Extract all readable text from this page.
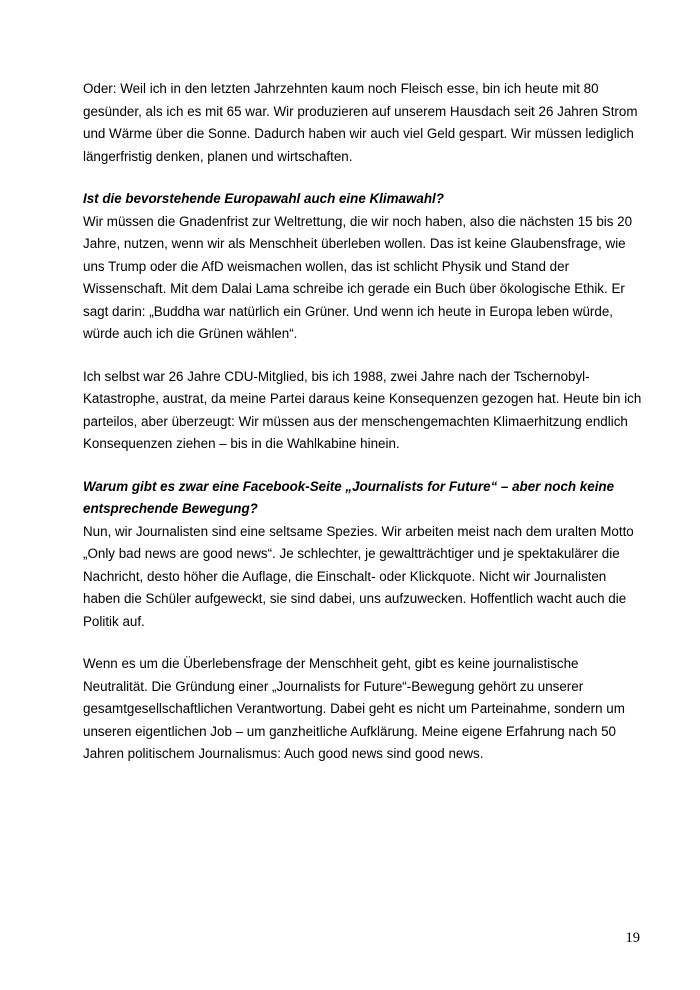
Oder: Weil ich in den letzten Jahrzehnten kaum noch Fleisch esse, bin ich heute mit 80 gesünder, als ich es mit 65 war. Wir produzieren auf unserem Hausdach seit 26 Jahren Strom und Wärme über die Sonne. Dadurch haben wir auch viel Geld gespart. Wir müssen lediglich längerfristig denken, planen und wirtschaften.

Ist die bevorstehende Europawahl auch eine Klimawahl?

Wir müssen die Gnadenfrist zur Weltrettung, die wir noch haben, also die nächsten 15 bis 20 Jahre, nutzen, wenn wir als Menschheit überleben wollen. Das ist keine Glaubensfrage, wie uns Trump oder die AfD weismachen wollen, das ist schlicht Physik und Stand der Wissenschaft. Mit dem Dalai Lama schreibe ich gerade ein Buch über ökologische Ethik. Er sagt darin: „Buddha war natürlich ein Grüner. Und wenn ich heute in Europa leben würde, würde auch ich die Grünen wählen“.

Ich selbst war 26 Jahre CDU-Mitglied, bis ich 1988, zwei Jahre nach der Tschernobyl-Katastrophe, austrat, da meine Partei daraus keine Konsequenzen gezogen hat. Heute bin ich parteilos, aber überzeugt: Wir müssen aus der menschengemachten Klimaerhitzung endlich Konsequenzen ziehen – bis in die Wahlkabine hinein.

Warum gibt es zwar eine Facebook-Seite „Journalists for Future“ – aber noch keine entsprechende Bewegung?

Nun, wir Journalisten sind eine seltsame Spezies. Wir arbeiten meist nach dem uralten Motto „Only bad news are good news“. Je schlechter, je gewaltträchtiger und je spektakulärer die Nachricht, desto höher die Auflage, die Einschalt- oder Klickquote. Nicht wir Journalisten haben die Schüler aufgeweckt, sie sind dabei, uns aufzuwecken. Hoffentlich wacht auch die Politik auf.

Wenn es um die Überlebensfrage der Menschheit geht, gibt es keine journalistische Neutralität. Die Gründung einer „Journalists for Future“-Bewegung gehört zu unserer gesamtgesellschaftlichen Verantwortung. Dabei geht es nicht um Parteinahme, sondern um unseren eigentlichen Job – um ganzheitliche Aufklärung. Meine eigene Erfahrung nach 50 Jahren politischem Journalismus: Auch good news sind good news.

19
